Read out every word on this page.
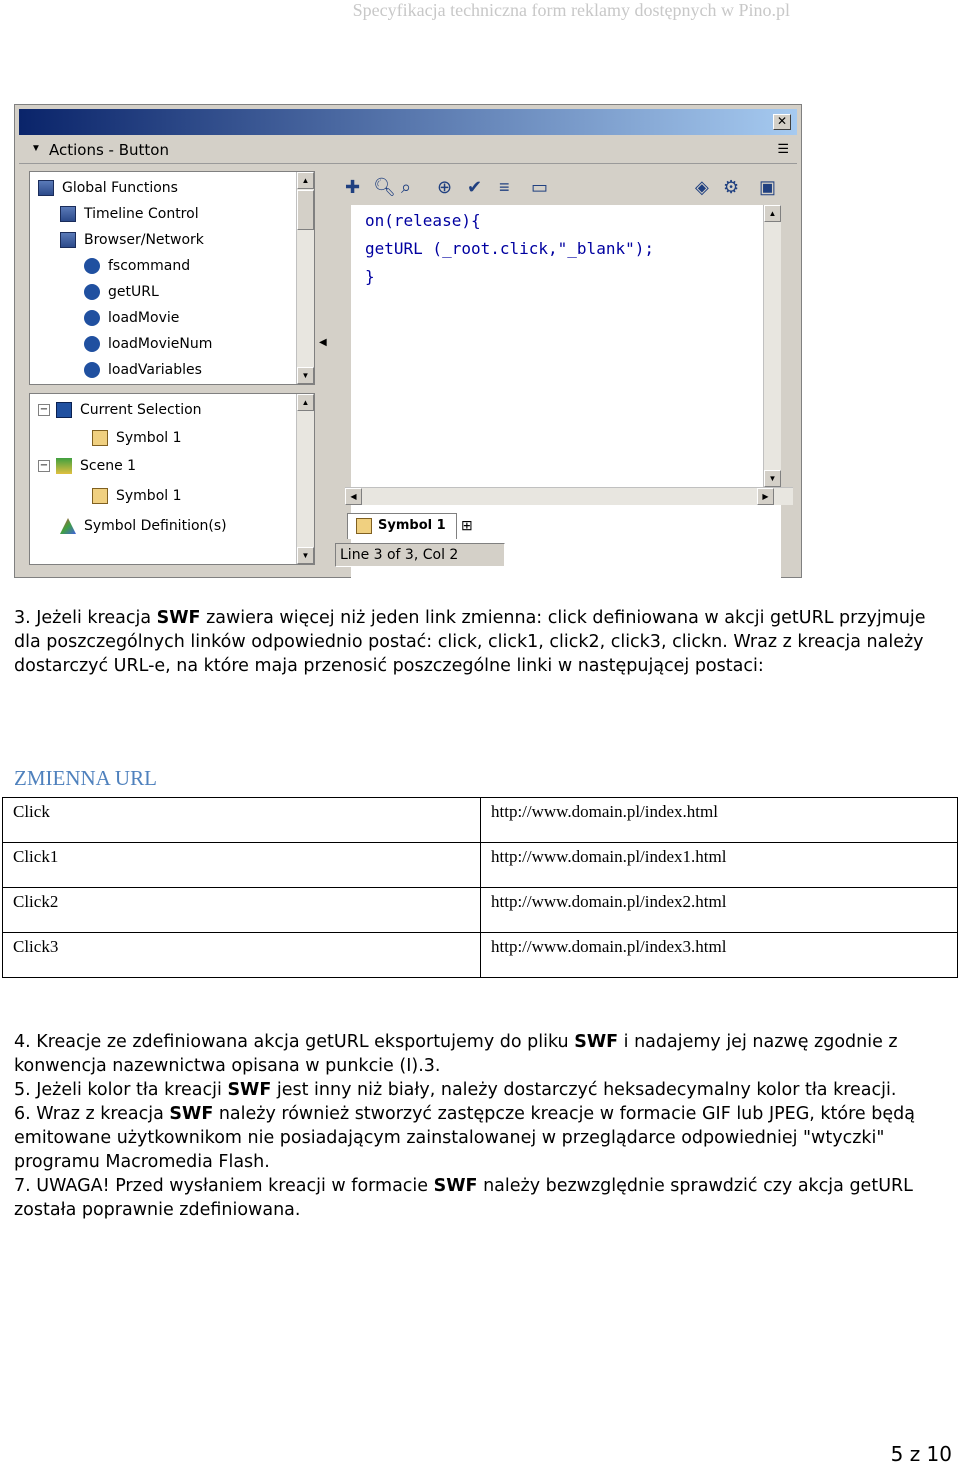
Specyfikacja techniczna form reklamy dostępnych w Pino.pl
✕
▼ Actions - Button	☰
Global Functions
Timeline Control
Browser/Network
fscommand
getURL
loadMovie
loadMovieNum
loadVariables
▲
▼
− Current Selection
Symbol 1
− Scene 1
Symbol 1
Symbol Definition(s)
▲
▼
◀
✚ 🔍︎ ⌕ ⊕ ✔ ≡ ▭	◈ ⚙ ▣
on(release){
getURL (_root.click,"_blank");
}
▲
▼
◀	▶
Symbol 1	⊞
Line 3 of 3, Col 2
3. Jeżeli kreacja SWF zawiera więcej niż jeden link zmienna: click definiowana w akcji getURL przyjmuje dla poszczególnych linków odpowiednio postać: click, click1, click2, click3, clickn. Wraz z kreacja należy dostarczyć URL-e, na które maja przenosić poszczególne linki w następującej postaci:
ZMIENNA URL
Click	http://www.domain.pl/index.html
Click1	http://www.domain.pl/index1.html
Click2	http://www.domain.pl/index2.html
Click3	http://www.domain.pl/index3.html
4. Kreacje ze zdefiniowana akcja getURL eksportujemy do pliku SWF i nadajemy jej nazwę zgodnie z konwencja nazewnictwa opisana w punkcie (I).3.
5. Jeżeli kolor tła kreacji SWF jest inny niż biały, należy dostarczyć heksadecymalny kolor tła kreacji.
6. Wraz z kreacja SWF należy również stworzyć zastępcze kreacje w formacie GIF lub JPEG, które będą emitowane użytkownikom nie posiadającym zainstalowanej w przeglądarce odpowiedniej "wtyczki" programu Macromedia Flash.
7. UWAGA! Przed wysłaniem kreacji w formacie SWF należy bezwzględnie sprawdzić czy akcja getURL została poprawnie zdefiniowana.
5 z 10
